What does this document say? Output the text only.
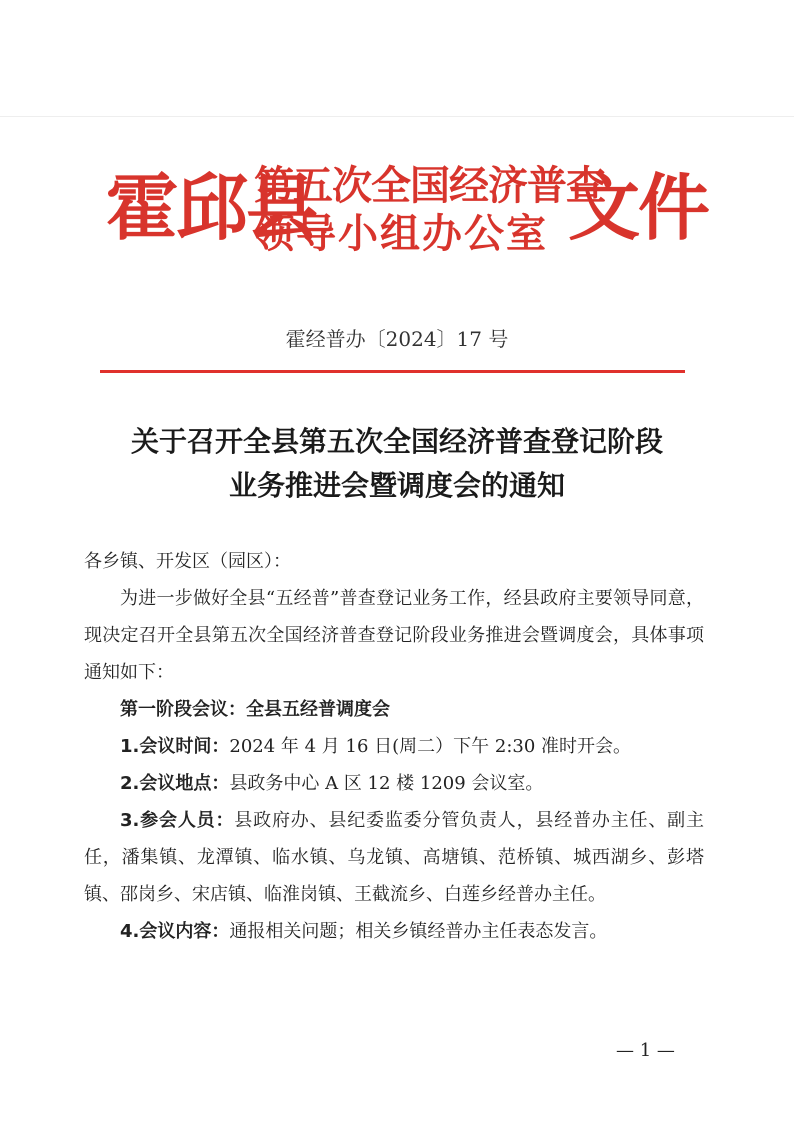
霍邱县
第五次全国经济普查
领导小组办公室 文件
霍经普办〔2024〕17 号
关于召开全县第五次全国经济普查登记阶段
业务推进会暨调度会的通知

各乡镇、开发区（园区）：

为进一步做好全县“五经普”普查登记业务工作，经县政府主要领导同意，现决定召开全县第五次全国经济普查登记阶段业务推进会暨调度会，具体事项通知如下：

第一阶段会议：全县五经普调度会

1.会议时间：2024 年 4 月 16 日(周二）下午 2:30 准时开会。

2.会议地点：县政务中心 A 区 12 楼 1209 会议室。

3.参会人员：县政府办、县纪委监委分管负责人，县经普办主任、副主任，潘集镇、龙潭镇、临水镇、乌龙镇、高塘镇、范桥镇、城西湖乡、彭塔镇、邵岗乡、宋店镇、临淮岗镇、王截流乡、白莲乡经普办主任。

4.会议内容：通报相关问题；相关乡镇经普办主任表态发言。

— 1 —
